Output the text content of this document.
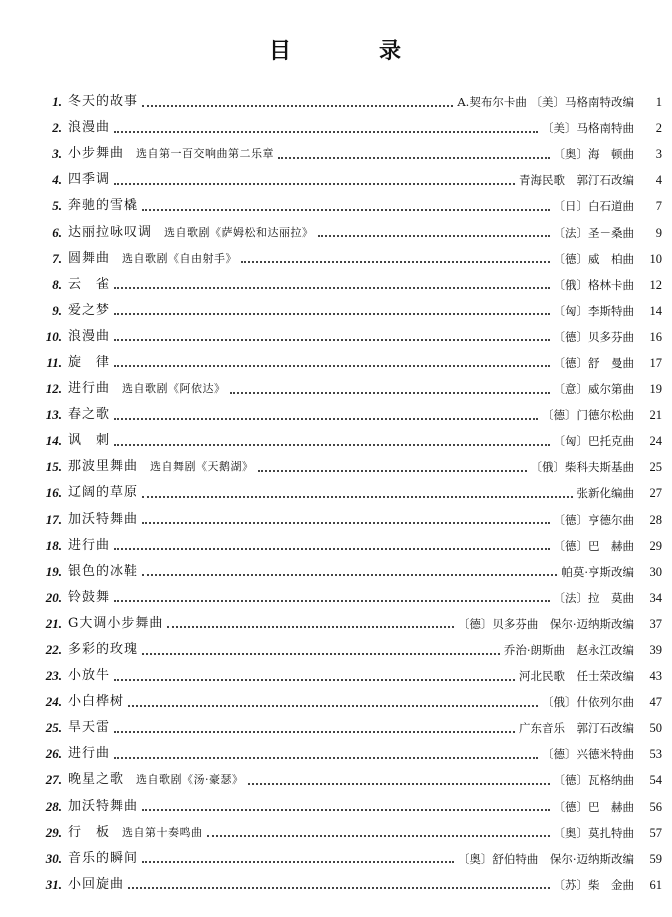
目	录
1. 冬天的故事	A.契布尔卡曲 〔美〕马格南特改编	1
2. 浪漫曲	〔美〕马格南特曲	2
3. 小步舞曲 选自第一百交响曲第二乐章	〔奥〕海　顿曲	3
4. 四季调	青海民歌　郭汀石改编	4
5. 奔驰的雪橇	〔日〕白石道曲	7
6. 达丽拉咏叹调 选自歌剧《萨姆松和达丽拉》	〔法〕圣－桑曲	9
7. 圆舞曲 选自歌剧《自由射手》	〔德〕威　柏曲	10
8. 云　雀	〔俄〕格林卡曲	12
9. 爱之梦	〔匈〕李斯特曲	14
10. 浪漫曲	〔德〕贝多芬曲	16
11. 旋　律	〔德〕舒　曼曲	17
12. 进行曲 选自歌剧《阿依达》	〔意〕威尔第曲	19
13. 春之歌	〔德〕门德尔松曲	21
14. 讽　刺	〔匈〕巴托克曲	24
15. 那波里舞曲 选自舞剧《天鹅湖》	〔俄〕柴科夫斯基曲	25
16. 辽阔的草原	张新化编曲	27
17. 加沃特舞曲	〔德〕亨德尔曲	28
18. 进行曲	〔德〕巴　赫曲	29
19. 银色的冰鞋	帕莫·亨斯改编	30
20. 铃鼓舞	〔法〕拉　莫曲	34
21. G大调小步舞曲	〔德〕贝多芬曲　保尔·迈纳斯改编	37
22. 多彩的玫瑰	乔治·朗斯曲　赵永江改编	39
23. 小放牛	河北民歌　任士荣改编	43
24. 小白桦树	〔俄〕什依列尔曲	47
25. 旱天雷	广东音乐　郭汀石改编	50
26. 进行曲	〔德〕兴德米特曲	53
27. 晚星之歌 选自歌剧《汤·豪瑟》	〔德〕瓦格纳曲	54
28. 加沃特舞曲	〔德〕巴　赫曲	56
29. 行　板 选自第十奏鸣曲	〔奥〕莫扎特曲	57
30. 音乐的瞬间	〔奥〕舒伯特曲　保尔·迈纳斯改编	59
31. 小回旋曲	〔苏〕柴　金曲	61
